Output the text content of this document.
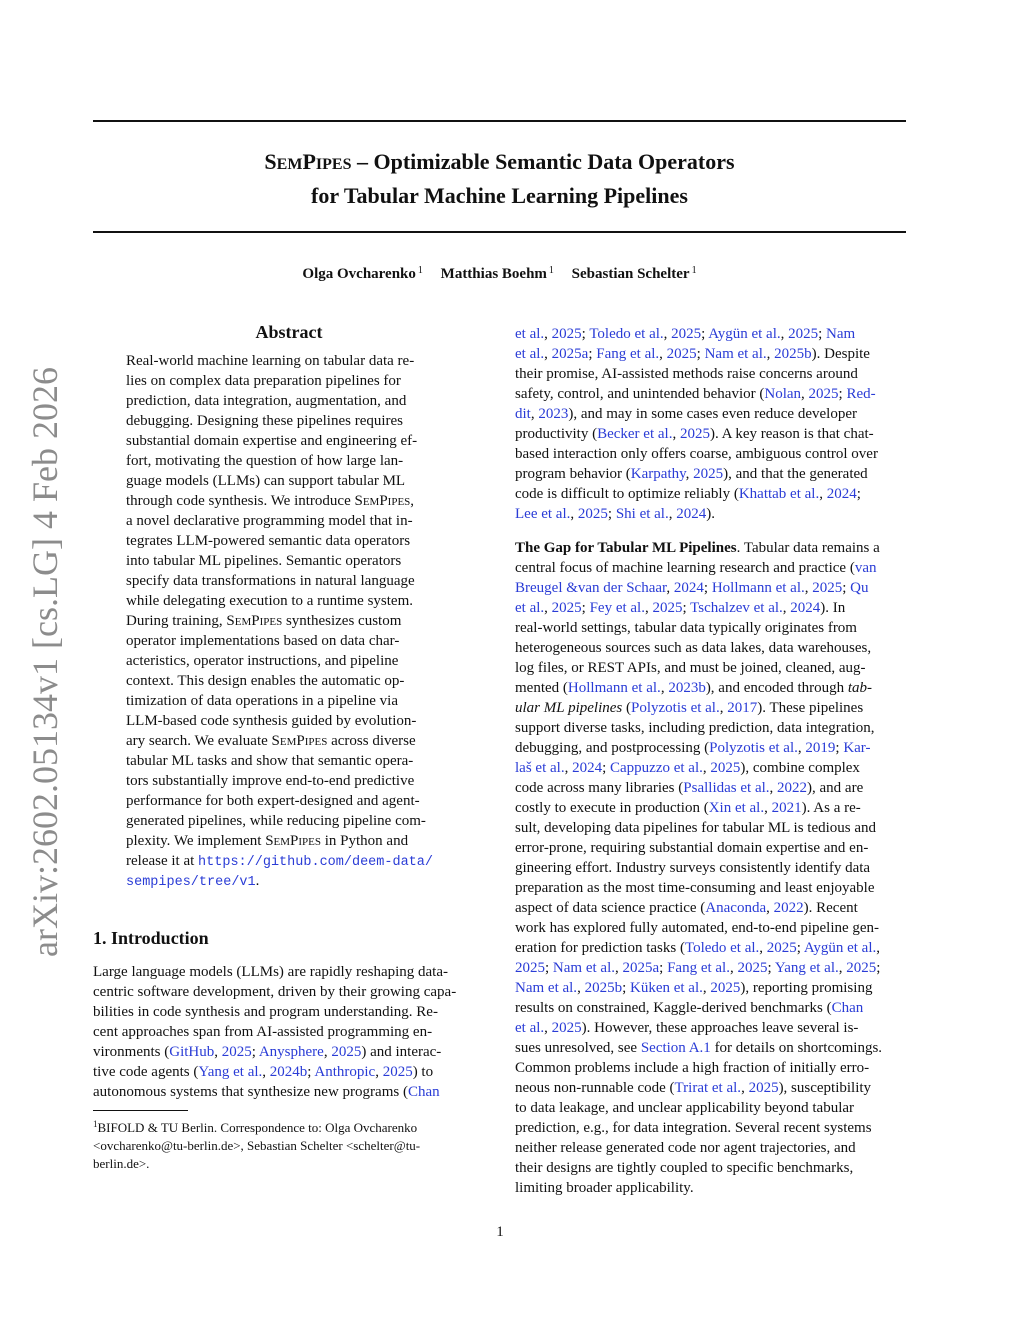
SEMPIPES – Optimizable Semantic Data Operators
for Tabular Machine Learning Pipelines
Olga Ovcharenko $^1$ Matthias Boehm $^1$ Sebastian Schelter $^1$
arXiv:2602.05134v1 [cs.LG] 4 Feb 2026
Abstract
Real-world machine learning on tabular data re-
lies on complex data preparation pipelines for
prediction, data integration, augmentation, and
debugging. Designing these pipelines requires
substantial domain expertise and engineering ef-
fort, motivating the question of how large lan-
guage models (LLMs) can support tabular ML
through code synthesis. We introduce SemPipes,
a novel declarative programming model that in-
tegrates LLM-powered semantic data operators
into tabular ML pipelines. Semantic operators
specify data transformations in natural language
while delegating execution to a runtime system.
During training, SemPipes synthesizes custom
operator implementations based on data char-
acteristics, operator instructions, and pipeline
context. This design enables the automatic op-
timization of data operations in a pipeline via
LLM-based code synthesis guided by evolution-
ary search. We evaluate SemPipes across diverse
tabular ML tasks and show that semantic opera-
tors substantially improve end-to-end predictive
performance for both expert-designed and agent-
generated pipelines, while reducing pipeline com-
plexity. We implement SemPipes in Python and
release it at https://github.com/deem-data/
sempipes/tree/v1.
1. Introduction
Large language models (LLMs) are rapidly reshaping data-
centric software development, driven by their growing capa-
bilities in code synthesis and program understanding. Re-
cent approaches span from AI-assisted programming en-
vironments (GitHub, 2025; Anysphere, 2025) and interac-
tive code agents (Yang et al., 2024b; Anthropic, 2025) to
autonomous systems that synthesize new programs (Chan
$^1$BIFOLD & TU Berlin. Correspondence to: Olga Ovcharenko
<ovcharenko@tu-berlin.de>, Sebastian Schelter <schelter@tu-
berlin.de>.
et al., 2025; Toledo et al., 2025; Aygün et al., 2025; Nam
et al., 2025a; Fang et al., 2025; Nam et al., 2025b). Despite
their promise, AI-assisted methods raise concerns around
safety, control, and unintended behavior (Nolan, 2025; Red-
dit, 2023), and may in some cases even reduce developer
productivity (Becker et al., 2025). A key reason is that chat-
based interaction only offers coarse, ambiguous control over
program behavior (Karpathy, 2025), and that the generated
code is difficult to optimize reliably (Khattab et al., 2024;
Lee et al., 2025; Shi et al., 2024).
The Gap for Tabular ML Pipelines. Tabular data remains a
central focus of machine learning research and practice (van
Breugel &van der Schaar, 2024; Hollmann et al., 2025; Qu
et al., 2025; Fey et al., 2025; Tschalzev et al., 2024). In
real-world settings, tabular data typically originates from
heterogeneous sources such as data lakes, data warehouses,
log files, or REST APIs, and must be joined, cleaned, aug-
mented (Hollmann et al., 2023b), and encoded through tab-
ular ML pipelines (Polyzotis et al., 2017). These pipelines
support diverse tasks, including prediction, data integration,
debugging, and postprocessing (Polyzotis et al., 2019; Kar-
laš et al., 2024; Cappuzzo et al., 2025), combine complex
code across many libraries (Psallidas et al., 2022), and are
costly to execute in production (Xin et al., 2021). As a re-
sult, developing data pipelines for tabular ML is tedious and
error-prone, requiring substantial domain expertise and en-
gineering effort. Industry surveys consistently identify data
preparation as the most time-consuming and least enjoyable
aspect of data science practice (Anaconda, 2022). Recent
work has explored fully automated, end-to-end pipeline gen-
eration for prediction tasks (Toledo et al., 2025; Aygün et al.,
2025; Nam et al., 2025a; Fang et al., 2025; Yang et al., 2025;
Nam et al., 2025b; Küken et al., 2025), reporting promising
results on constrained, Kaggle-derived benchmarks (Chan
et al., 2025). However, these approaches leave several is-
sues unresolved, see Section A.1 for details on shortcomings.
Common problems include a high fraction of initially erro-
neous non-runnable code (Trirat et al., 2025), susceptibility
to data leakage, and unclear applicability beyond tabular
prediction, e.g., for data integration. Several recent systems
neither release generated code nor agent trajectories, and
their designs are tightly coupled to specific benchmarks,
limiting broader applicability.
1
